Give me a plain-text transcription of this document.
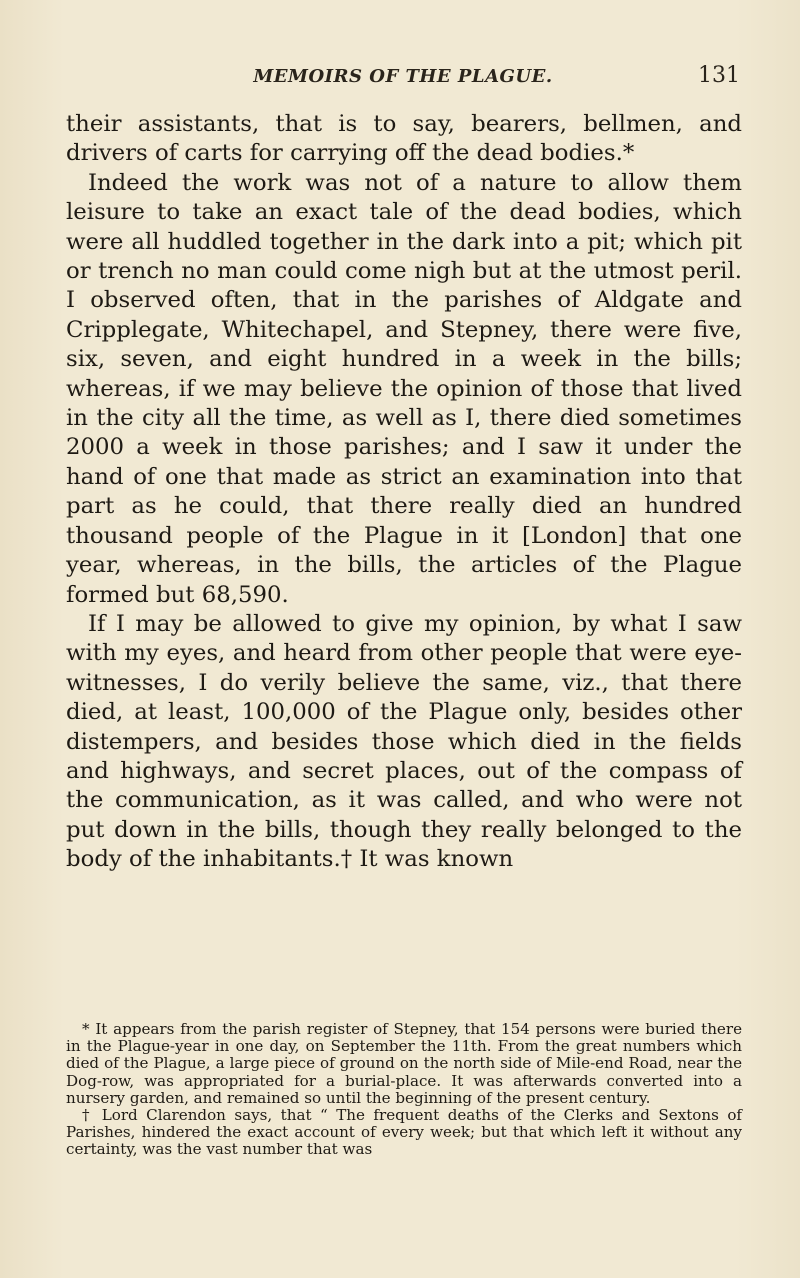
MEMOIRS OF THE PLAGUE.	131

their assistants, that is to say, bearers, bellmen, and drivers of carts for carrying off the dead bodies.*

Indeed the work was not of a nature to allow them leisure to take an exact tale of the dead bodies, which were all huddled together in the dark into a pit; which pit or trench no man could come nigh but at the utmost peril. I observed often, that in the parishes of Aldgate and Cripplegate, Whitechapel, and Stepney, there were five, six, seven, and eight hundred in a week in the bills; whereas, if we may believe the opinion of those that lived in the city all the time, as well as I, there died sometimes 2000 a week in those parishes; and I saw it under the hand of one that made as strict an examination into that part as he could, that there really died an hundred thousand people of the Plague in it [London] that one year, whereas, in the bills, the articles of the Plague formed but 68,590.

If I may be allowed to give my opinion, by what I saw with my eyes, and heard from other people that were eye-witnesses, I do verily believe the same, viz., that there died, at least, 100,000 of the Plague only, besides other distempers, and besides those which died in the fields and highways, and secret places, out of the compass of the communication, as it was called, and who were not put down in the bills, though they really belonged to the body of the inhabitants.† It was known

* It appears from the parish register of Stepney, that 154 persons were buried there in the Plague-year in one day, on September the 11th. From the great numbers which died of the Plague, a large piece of ground on the north side of Mile-end Road, near the Dog-row, was appropriated for a burial-place. It was afterwards converted into a nursery garden, and remained so until the beginning of the present century.

† Lord Clarendon says, that “ The frequent deaths of the Clerks and Sextons of Parishes, hindered the exact account of every week; but that which left it without any certainty, was the vast number that was
